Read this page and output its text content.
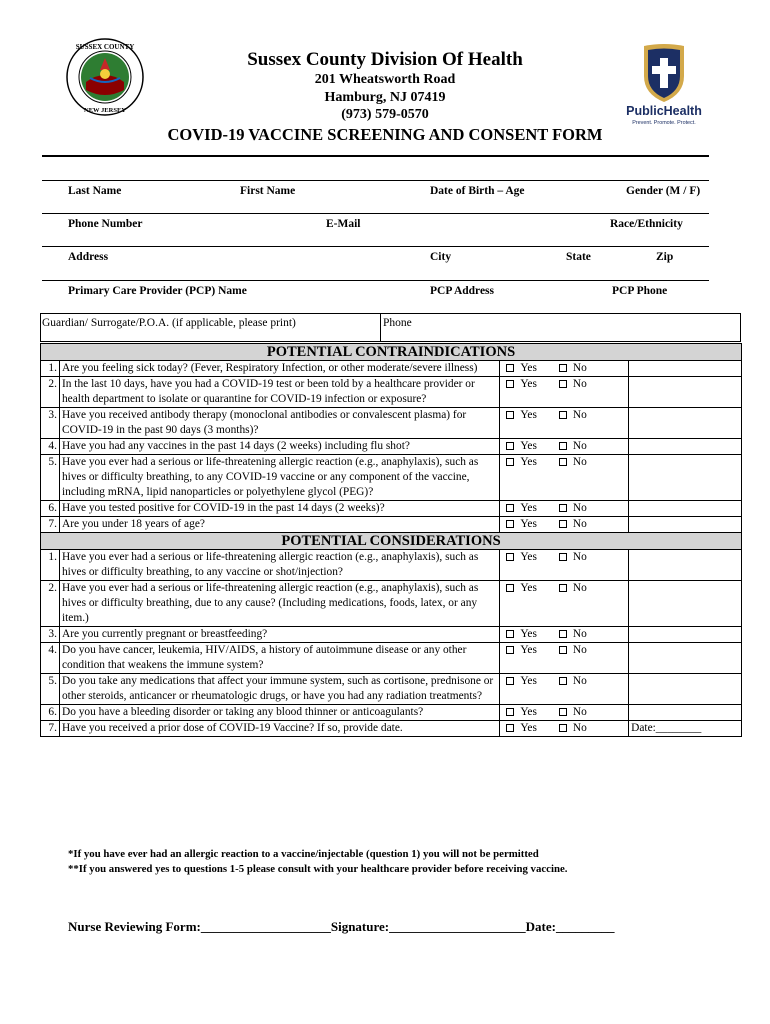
SUSSEX COUNTY
NEW JERSEY	PublicHealth
Prevent. Promote. Protect.
Sussex County Division Of Health
201 Wheatsworth Road
Hamburg, NJ 07419
(973) 579-0570
COVID-19 VACCINE SCREENING AND CONSENT FORM
Last Name	First Name	Date of Birth – Age	Gender (M / F)
Phone Number	E-Mail	Race/Ethnicity
Address	City	State	Zip
Primary Care Provider (PCP) Name	PCP Address	PCP Phone
Guardian/ Surrogate/P.O.A. (if applicable, please print)	Phone
POTENTIAL CONTRAINDICATIONS			
1.	Are you feeling sick today? (Fever, Respiratory Infection, or other moderate/severe illness)	Yes No	
2.	In the last 10 days, have you had a COVID-19 test or been told by a healthcare provider or health department to isolate or quarantine for COVID-19 infection or exposure?	Yes No	
3.	Have you received antibody therapy (monoclonal antibodies or convalescent plasma) for COVID-19 in the past 90 days (3 months)?	Yes No	
4.	Have you had any vaccines in the past 14 days (2 weeks) including flu shot?	Yes No	
5.	Have you ever had a serious or life-threatening allergic reaction (e.g., anaphylaxis), such as hives or difficulty breathing, to any COVID-19 vaccine or any component of the vaccine, including mRNA, lipid nanoparticles or polyethylene glycol (PEG)?	Yes No	
6.	Have you tested positive for COVID-19 in the past 14 days (2 weeks)?	Yes No	
7.	Are you under 18 years of age?	Yes No	
POTENTIAL CONSIDERATIONS			
1.	Have you ever had a serious or life-threatening allergic reaction (e.g., anaphylaxis), such as hives or difficulty breathing, to any vaccine or shot/injection?	Yes No	
2.	Have you ever had a serious or life-threatening allergic reaction (e.g., anaphylaxis), such as hives or difficulty breathing, due to any cause? (Including medications, foods, latex, or any item.)	Yes No	
3.	Are you currently pregnant or breastfeeding?	Yes No	
4.	Do you have cancer, leukemia, HIV/AIDS, a history of autoimmune disease or any other condition that weakens the immune system?	Yes No	
5.	Do you take any medications that affect your immune system, such as cortisone, prednisone or other steroids, anticancer or rheumatologic drugs, or have you had any radiation treatments?	Yes No	
6.	Do you have a bleeding disorder or taking any blood thinner or anticoagulants?	Yes No	
7.	Have you received a prior dose of COVID-19 Vaccine? If so, provide date.	Yes No	Date:________
*If you have ever had an allergic reaction to a vaccine/injectable (question 1) you will not be permitted
**If you answered yes to questions 1-5 please consult with your healthcare provider before receiving vaccine.
Nurse Reviewing Form:____________________Signature:_____________________Date:_________
